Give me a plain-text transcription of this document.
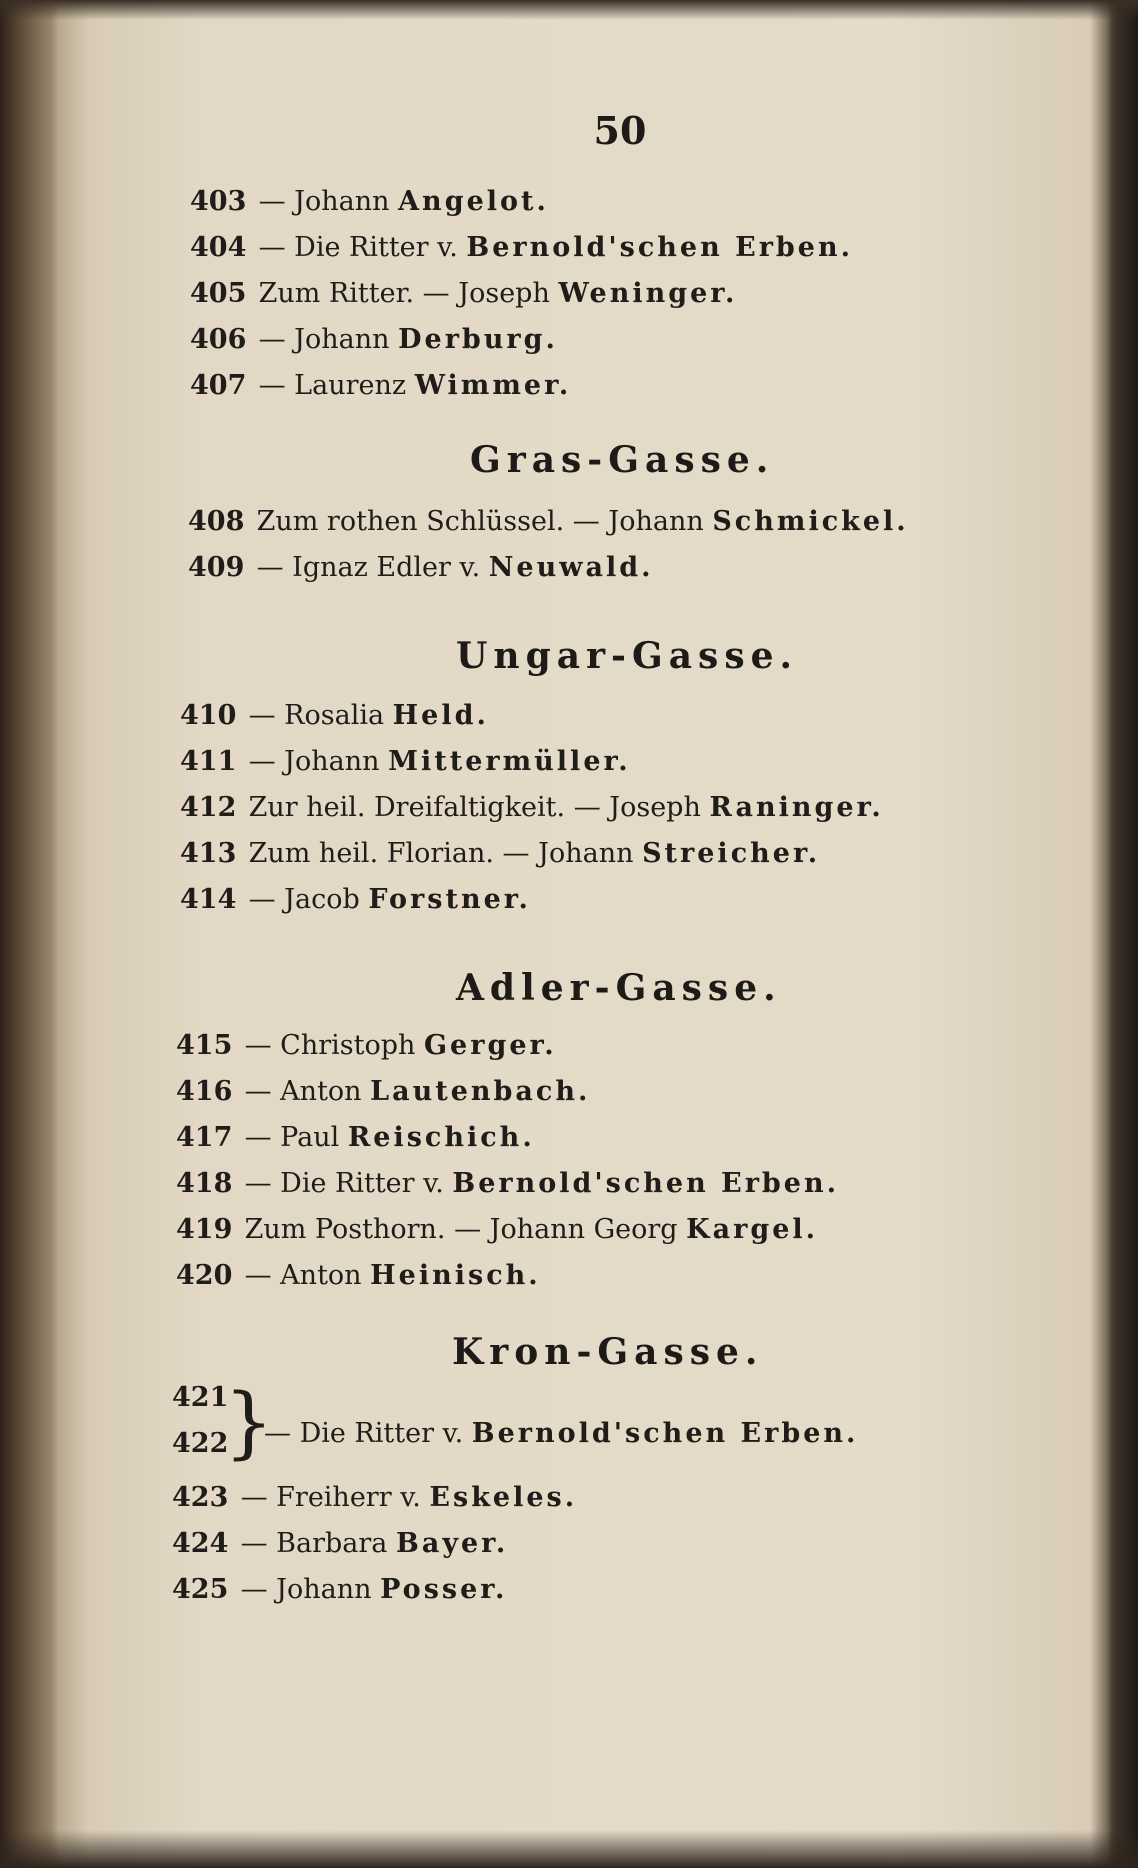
50
403 — Johann Angelot.
404 — Die Ritter v. Bernold'schen Erben.
405 Zum Ritter. — Joseph Weninger.
406 — Johann Derburg.
407 — Laurenz Wimmer.
Gras-Gasse.
408 Zum rothen Schlüssel. — Johann Schmickel.
409 — Ignaz Edler v. Neuwald.
Ungar-Gasse.
410 — Rosalia Held.
411 — Johann Mittermüller.
412 Zur heil. Dreifaltigkeit. — Joseph Raninger.
413 Zum heil. Florian. — Johann Streicher.
414 — Jacob Forstner.
Adler-Gasse.
415 — Christoph Gerger.
416 — Anton Lautenbach.
417 — Paul Reischich.
418 — Die Ritter v. Bernold'schen Erben.
419 Zum Posthorn. — Johann Georg Kargel.
420 — Anton Heinisch.
Kron-Gasse.
421
422
}
— Die Ritter v. Bernold'schen Erben.
423 — Freiherr v. Eskeles.
424 — Barbara Bayer.
425 — Johann Posser.
